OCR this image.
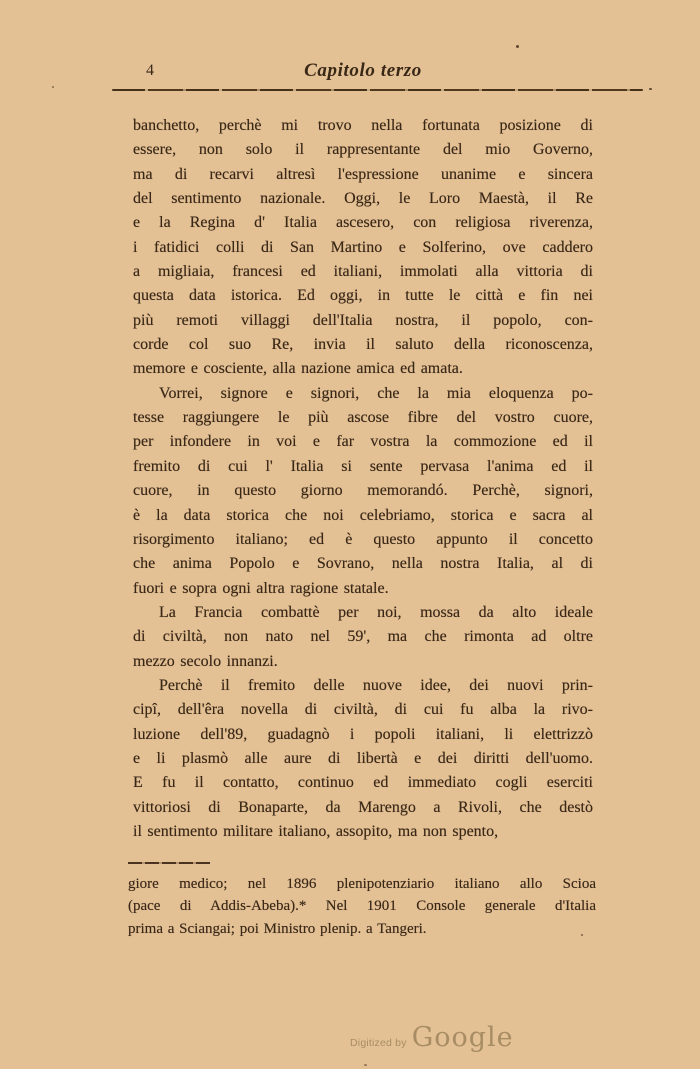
4	Capitolo terzo
banchetto, perchè mi trovo nella fortunata posizione di
essere, non solo il rappresentante del mio Governo,
ma di recarvi altresì l'espressione unanime e sincera
del sentimento nazionale. Oggi, le Loro Maestà, il Re
e la Regina d' Italia ascesero, con religiosa riverenza,
i fatidici colli di San Martino e Solferino, ove caddero
a migliaia, francesi ed italiani, immolati alla vittoria di
questa data istorica. Ed oggi, in tutte le città e fin nei
più remoti villaggi dell'Italia nostra, il popolo, con-
corde col suo Re, invia il saluto della riconoscenza,
memore e cosciente, alla nazione amica ed amata.
Vorrei, signore e signori, che la mia eloquenza po-
tesse raggiungere le più ascose fibre del vostro cuore,
per infondere in voi e far vostra la commozione ed il
fremito di cui l' Italia si sente pervasa l'anima ed il
cuore, in questo giorno memorandó. Perchè, signori,
è la data storica che noi celebriamo, storica e sacra al
risorgimento italiano; ed è questo appunto il concetto
che anima Popolo e Sovrano, nella nostra Italia, al di
fuori e sopra ogni altra ragione statale.
La Francia combattè per noi, mossa da alto ideale
di civiltà, non nato nel 59', ma che rimonta ad oltre
mezzo secolo innanzi.
Perchè il fremito delle nuove idee, dei nuovi prin-
cipî, dell'êra novella di civiltà, di cui fu alba la rivo-
luzione dell'89, guadagnò i popoli italiani, li elettrizzò
e li plasmò alle aure di libertà e dei diritti dell'uomo.
E fu il contatto, continuo ed immediato cogli eserciti
vittoriosi di Bonaparte, da Marengo a Rivoli, che destò
il sentimento militare italiano, assopito, ma non spento,
giore medico; nel 1896 plenipotenziario italiano allo Scioa
(pace di Addis-Abeba).* Nel 1901 Console generale d'Italia
prima a Sciangai; poi Ministro plenip. a Tangeri.
Digitized by Google
